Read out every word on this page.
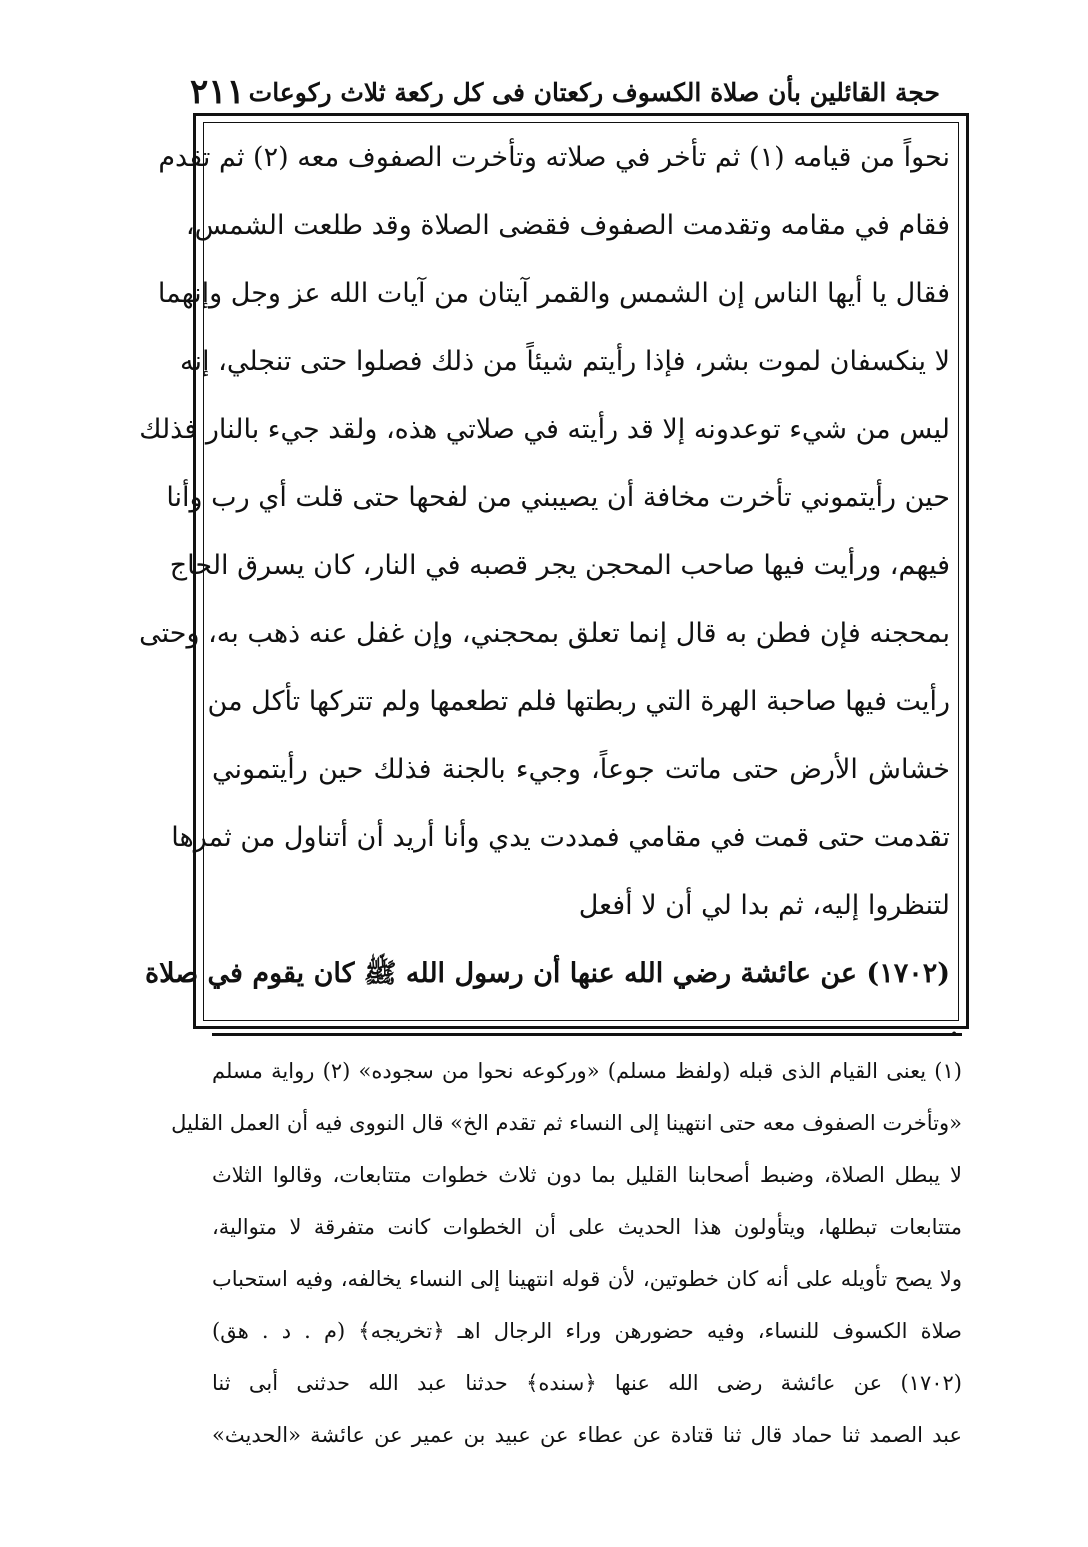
حجة القائلين بأن صلاة الكسوف ركعتان فى كل ركعة ثلاث ركوعات
٢١١
نحواً من قيامه (١) ثم تأخر في صلاته وتأخرت الصفوف معه (٢) ثم تقدم
فقام في مقامه وتقدمت الصفوف فقضى الصلاة وقد طلعت الشمس،
فقال يا أيها الناس إن الشمس والقمر آيتان من آيات الله عز وجل وإنهما
لا ينكسفان لموت بشر، فإذا رأيتم شيئاً من ذلك فصلوا حتى تنجلي، إنه
ليس من شيء توعدونه إلا قد رأيته في صلاتي هذه، ولقد جيء بالنار فذلك
حين رأيتموني تأخرت مخافة أن يصيبني من لفحها حتى قلت أي رب وأنا
فيهم، ورأيت فيها صاحب المحجن يجر قصبه في النار، كان يسرق الحاج
بمحجنه فإن فطن به قال إنما تعلق بمحجني، وإن غفل عنه ذهب به، وحتى
رأيت فيها صاحبة الهرة التي ربطتها فلم تطعمها ولم تتركها تأكل من
خشاش الأرض حتى ماتت جوعاً، وجيء بالجنة فذلك حين رأيتموني
تقدمت حتى قمت في مقامي فمددت يدي وأنا أريد أن أتناول من ثمرها
لتنظروا إليه، ثم بدا لي أن لا أفعل
(١٧٠٢) عن عائشة رضي الله عنها أن رسول الله ﷺ كان يقوم في صلاة
•
(١) يعنى القيام الذى قبله (ولفظ مسلم) «وركوعه نحوا من سجوده» (٢) رواية مسلم
«وتأخرت الصفوف معه حتى انتهينا إلى النساء ثم تقدم الخ» قال النووى فيه أن العمل القليل
لا يبطل الصلاة، وضبط أصحابنا القليل بما دون ثلاث خطوات متتابعات، وقالوا الثلاث
متتابعات تبطلها، ويتأولون هذا الحديث على أن الخطوات كانت متفرقة لا متوالية،
ولا يصح تأويله على أنه كان خطوتين، لأن قوله انتهينا إلى النساء يخالفه، وفيه استحباب
صلاة الكسوف للنساء، وفيه حضورهن وراء الرجال اهـ ﴿تخريجه﴾ (م . د . هق)
(١٧٠٢) عن عائشة رضى الله عنها ﴿سنده﴾ حدثنا عبد الله حدثنى أبى ثنا
عبد الصمد ثنا حماد قال ثنا قتادة عن عطاء عن عبيد بن عمير عن عائشة «الحديث»
